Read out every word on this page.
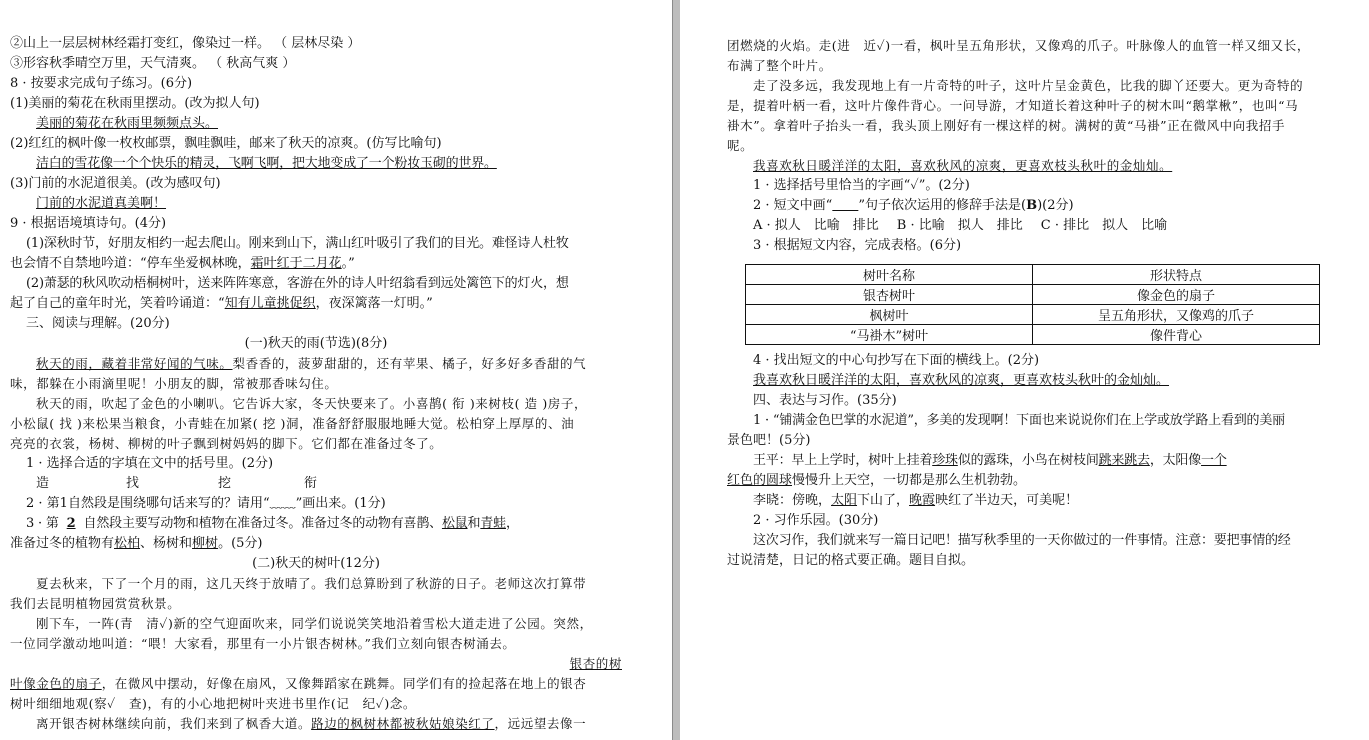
②山上一层层树林经霜打变红，像染过一样。 （ 层林尽染 ）
③形容秋季晴空万里，天气清爽。 （ 秋高气爽 ）
8 · 按要求完成句子练习。(6分)
(1)美丽的菊花在秋雨里摆动。(改为拟人句)
美丽的菊花在秋雨里频频点头。
(2)红红的枫叶像一枚枚邮票，飘哇飘哇，邮来了秋天的凉爽。(仿写比喻句)
洁白的雪花像一个个快乐的精灵，飞啊飞啊，把大地变成了一个粉妆玉砌的世界。
(3)门前的水泥道很美。(改为感叹句)
门前的水泥道真美啊！
9 · 根据语境填诗句。(4分)
(1)深秋时节，好朋友相约一起去爬山。刚来到山下，满山红叶吸引了我们的目光。难怪诗人杜牧
也会情不自禁地吟道：“停车坐爱枫林晚，霜叶红于二月花。”
(2)萧瑟的秋风吹动梧桐树叶，送来阵阵寒意，客游在外的诗人叶绍翁看到远处篱笆下的灯火，想
起了自己的童年时光，笑着吟诵道：“知有儿童挑促织，夜深篱落一灯明。”
三、阅读与理解。(20分)
(一)秋天的雨(节选)(8分)
秋天的雨，藏着非常好闻的气味。梨香香的，菠萝甜甜的，还有苹果、橘子，好多好多香甜的气
味，都躲在小雨滴里呢！小朋友的脚，常被那香味勾住。
秋天的雨，吹起了金色的小喇叭。它告诉大家，冬天快要来了。小喜鹊( 衔 )来树枝( 造 )房子，
小松鼠( 找 )来松果当粮食，小青蛙在加紧( 挖 )洞，准备舒舒服服地睡大觉。松柏穿上厚厚的、油
亮亮的衣裳，杨树、柳树的叶子飘到树妈妈的脚下。它们都在准备过冬了。
1 · 选择合适的字填在文中的括号里。(2分)
造	找	挖	衔
2 · 第1自然段是围绕哪句话来写的？请用“﹏﹏”画出来。(1分)
3 · 第 2 自然段主要写动物和植物在准备过冬。准备过冬的动物有喜鹊、松鼠和青蛙，
准备过冬的植物有松柏、杨树和柳树。(5分)
(二)秋天的树叶(12分)
夏去秋来，下了一个月的雨，这几天终于放晴了。我们总算盼到了秋游的日子。老师这次打算带
我们去昆明植物园赏赏秋景。
刚下车，一阵(青　清✓)新的空气迎面吹来，同学们说说笑笑地沿着雪松大道走进了公园。突然，
一位同学激动地叫道：“喂！大家看，那里有一小片银杏树林。”我们立刻向银杏树涌去。
银杏的树
叶像金色的扇子，在微风中摆动，好像在扇风，又像舞蹈家在跳舞。同学们有的捡起落在地上的银杏
树叶细细地观(察✓　查)，有的小心地把树叶夹进书里作(记　纪✓)念。
离开银杏树林继续向前，我们来到了枫香大道。路边的枫树林都被秋姑娘染红了，远远望去像一
团燃烧的火焰。走(进　近✓)一看，枫叶呈五角形状，又像鸡的爪子。叶脉像人的血管一样又细又长，
布满了整个叶片。
走了没多远，我发现地上有一片奇特的叶子，这叶片呈金黄色，比我的脚丫还要大。更为奇特的
是，提着叶柄一看，这叶片像件背心。一问导游，才知道长着这种叶子的树木叫“鹅掌楸”，也叫“马
褂木”。拿着叶子抬头一看，我头顶上刚好有一棵这样的树。满树的黄“马褂”正在微风中向我招手
呢。
我喜欢秋日暖洋洋的太阳，喜欢秋风的凉爽，更喜欢枝头秋叶的金灿灿。
1 · 选择括号里恰当的字画“✓”。(2分)
2 · 短文中画“　　 ”句子依次运用的修辞手法是(B)(2分)
A · 拟人　比喻　排比 B · 比喻　拟人　排比 C · 排比　拟人　比喻
3 · 根据短文内容，完成表格。(6分)
树叶名称	形状特点
银杏树叶	像金色的扇子
枫树叶	呈五角形状，又像鸡的爪子
“马褂木”树叶	像件背心
4 · 找出短文的中心句抄写在下面的横线上。(2分)
我喜欢秋日暖洋洋的太阳，喜欢秋风的凉爽，更喜欢枝头秋叶的金灿灿。
四、表达与习作。(35分)
1 · “铺满金色巴掌的水泥道”，多美的发现啊！下面也来说说你们在上学或放学路上看到的美丽
景色吧！(5分)
王平：早上上学时，树叶上挂着珍珠似的露珠，小鸟在树枝间跳来跳去，太阳像一个
红色的圆球慢慢升上天空，一切都是那么生机勃勃。
李晓：傍晚，太阳下山了，晚霞映红了半边天，可美呢！
2 · 习作乐园。(30分)
这次习作，我们就来写一篇日记吧！描写秋季里的一天你做过的一件事情。注意：要把事情的经
过说清楚，日记的格式要正确。题目自拟。
